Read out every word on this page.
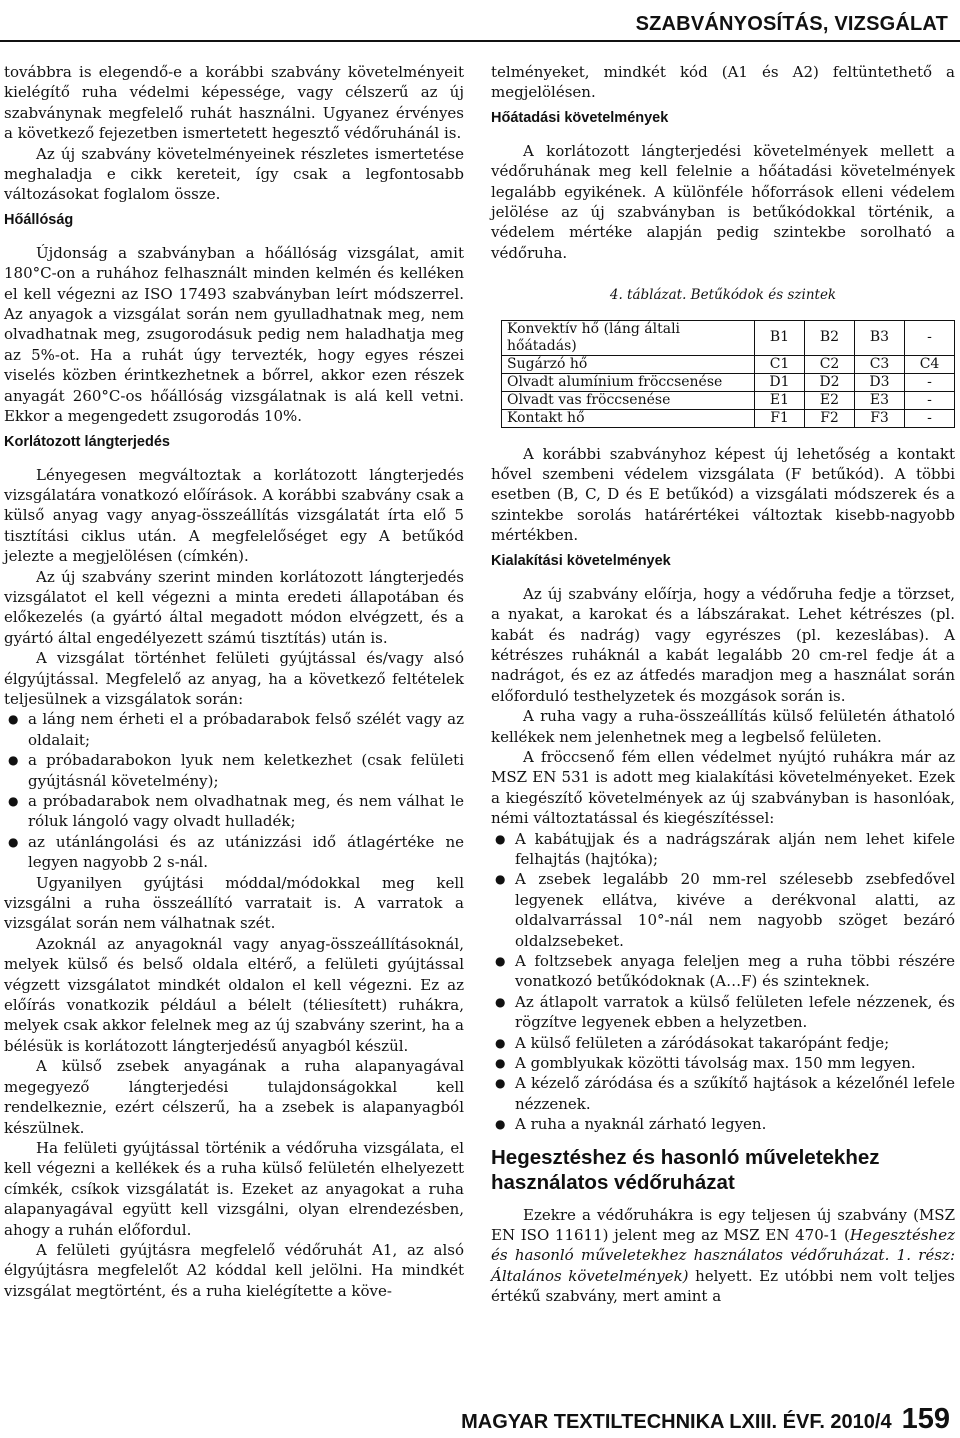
SZABVÁNYOSÍTÁS, VIZSGÁLAT

továbbra is elegendő-e a korábbi szabvány követelményeit kielégítő ruha védelmi képessége, vagy célszerű az új szabványnak megfelelő ruhát használni. Ugyanez érvényes a következő fejezetben ismertetett hegesztő védőruhánál is.

Az új szabvány követelményeinek részletes ismertetése meghaladja e cikk kereteit, így csak a legfontosabb változásokat foglalom össze.

Hőállóság

Újdonság a szabványban a hőállóság vizsgálat, amit 180°C-on a ruhához felhasznált minden kelmén és kelléken el kell végezni az ISO 17493 szabványban leírt módszerrel. Az anyagok a vizsgálat során nem gyulladhatnak meg, nem olvadhatnak meg, zsugorodásuk pedig nem haladhatja meg az 5%-ot. Ha a ruhát úgy tervezték, hogy egyes részei viselés közben érintkezhetnek a bőrrel, akkor ezen részek anyagát 260°C-os hőállóság vizsgálatnak is alá kell vetni. Ekkor a megengedett zsugorodás 10%.

Korlátozott lángterjedés

Lényegesen megváltoztak a korlátozott lángterjedés vizsgálatára vonatkozó előírások. A korábbi szabvány csak a külső anyag vagy anyag-összeállítás vizsgálatát írta elő 5 tisztítási ciklus után. A megfelelőséget egy A betűkód jelezte a megjelölésen (címkén).

Az új szabvány szerint minden korlátozott lángterjedés vizsgálatot el kell végezni a minta eredeti állapotában és előkezelés (a gyártó által megadott módon elvégzett, és a gyártó által engedélyezett számú tisztítás) után is.

A vizsgálat történhet felületi gyújtással és/vagy alsó élgyújtással. Megfelelő az anyag, ha a következő feltételek teljesülnek a vizsgálatok során:

● a láng nem érheti el a próbadarabok felső szélét vagy az oldalait;
● a próbadarabokon lyuk nem keletkezhet (csak felületi gyújtásnál követelmény);
● a próbadarabok nem olvadhatnak meg, és nem válhat le róluk lángoló vagy olvadt hulladék;
● az utánlángolási és az utánizzási idő átlagértéke ne legyen nagyobb 2 s-nál.

Ugyanilyen gyújtási móddal/módokkal meg kell vizsgálni a ruha összeállító varratait is. A varratok a vizsgálat során nem válhatnak szét.

Azoknál az anyagoknál vagy anyag-összeállításoknál, melyek külső és belső oldala eltérő, a felületi gyújtással végzett vizsgálatot mindkét oldalon el kell végezni. Ez az előírás vonatkozik például a bélelt (téliesített) ruhákra, melyek csak akkor felelnek meg az új szabvány szerint, ha a bélésük is korlátozott lángterjedésű anyagból készül.

A külső zsebek anyagának a ruha alapanyagával megegyező lángterjedési tulajdonságokkal kell rendelkeznie, ezért célszerű, ha a zsebek is alapanyagból készülnek.

Ha felületi gyújtással történik a védőruha vizsgálata, el kell végezni a kellékek és a ruha külső felületén elhelyezett címkék, csíkok vizsgálatát is. Ezeket az anyagokat a ruha alapanyagával együtt kell vizsgálni, olyan elrendezésben, ahogy a ruhán előfordul.

A felületi gyújtásra megfelelő védőruhát A1, az alsó élgyújtásra megfelelőt A2 kóddal kell jelölni. Ha mindkét vizsgálat megtörtént, és a ruha kielégítette a köve-

telményeket, mindkét kód (A1 és A2) feltüntethető a megjelölésen.

Hőátadási követelmények

A korlátozott lángterjedési követelmények mellett a védőruhának meg kell felelnie a hőátadási követelmények legalább egyikének. A különféle hőforrások elleni védelem jelölése az új szabványban is betűkódokkal történik, a védelem mértéke alapján pedig szintekbe sorolható a védőruha.

4. táblázat. Betűkódok és szintek
Konvektív hő (láng általi hőátadás)	B1	B2	B3	-
Sugárzó hő	C1	C2	C3	C4
Olvadt alumínium fröccsenése	D1	D2	D3	-
Olvadt vas fröccsenése	E1	E2	E3	-
Kontakt hő	F1	F2	F3	-

A korábbi szabványhoz képest új lehetőség a kontakt hővel szembeni védelem vizsgálata (F betűkód). A többi esetben (B, C, D és E betűkód) a vizsgálati módszerek és a szintekbe sorolás határértékei változtak kisebb-nagyobb mértékben.

Kialakítási követelmények

Az új szabvány előírja, hogy a védőruha fedje a törzset, a nyakat, a karokat és a lábszárakat. Lehet kétrészes (pl. kabát és nadrág) vagy egyrészes (pl. kezeslábas). A kétrészes ruháknál a kabát legalább 20 cm-rel fedje át a nadrágot, és ez az átfedés maradjon meg a használat során előforduló testhelyzetek és mozgások során is.

A ruha vagy a ruha-összeállítás külső felületén áthatoló kellékek nem jelenhetnek meg a legbelső felületen.

A fröccsenő fém ellen védelmet nyújtó ruhákra már az MSZ EN 531 is adott meg kialakítási követelményeket. Ezek a kiegészítő követelmények az új szabványban is hasonlóak, némi változtatással és kiegészítéssel:

● A kabátujjak és a nadrágszárak alján nem lehet kifele felhajtás (hajtóka);
● A zsebek legalább 20 mm-rel szélesebb zsebfedővel legyenek ellátva, kivéve a derékvonal alatti, az oldalvarrással 10°-nál nem nagyobb szöget bezáró oldalzsebeket.
● A foltzsebek anyaga feleljen meg a ruha többi részére vonatkozó betűkódoknak (A…F) és szinteknek.
● Az átlapolt varratok a külső felületen lefele nézzenek, és rögzítve legyenek ebben a helyzetben.
● A külső felületen a záródásokat takarópánt fedje;
● A gomblyukak közötti távolság max. 150 mm legyen.
● A kézelő záródása és a szűkítő hajtások a kézelőnél lefele nézzenek.
● A ruha a nyaknál zárható legyen.
Hegesztéshez és hasonló műveletekhez használatos védőruházat

Ezekre a védőruhákra is egy teljesen új szabvány (MSZ EN ISO 11611) jelent meg az MSZ EN 470-1 (Hegesztéshez és hasonló műveletekhez használatos védőruházat. 1. rész: Általános követelmények) helyett. Ez utóbbi nem volt teljes értékű szabvány, mert amint a

MAGYAR TEXTILTECHNIKA LXIII. ÉVF. 2010/4 159
